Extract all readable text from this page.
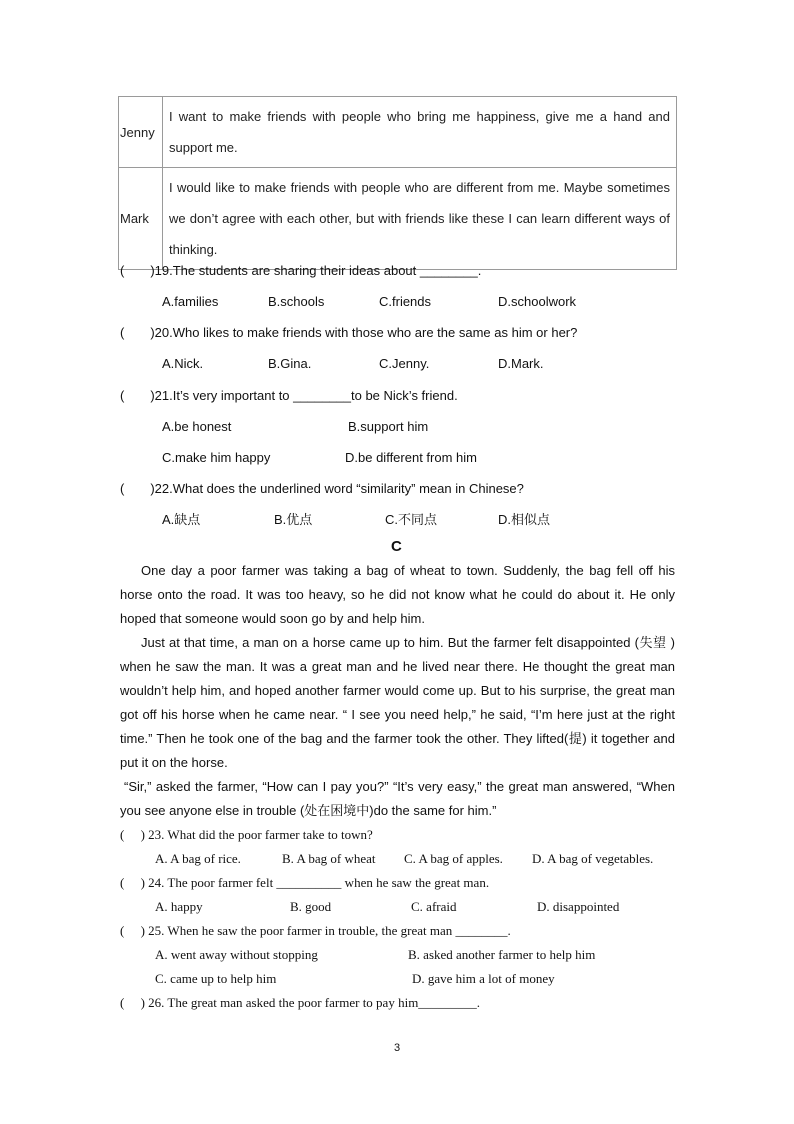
Jenny	I want to make friends with people who bring me happiness, give me a hand and support me.
Mark	I would like to make friends with people who are different from me. Maybe sometimes we don’t agree with each other, but with friends like these I can learn different ways of thinking.
(  )19.The students are sharing their ideas about ________.
A.families	B.schools	C.friends	D.schoolwork
(  )20.Who likes to make friends with those who are the same as him or her?
A.Nick.	B.Gina.	C.Jenny.	D.Mark.
(  )21.It’s very important to ________to be Nick’s friend.
A.be honest	B.support him
C.make him happy	D.be different from him
(  )22.What does the underlined word “similarity” mean in Chinese?
A.缺点	B.优点	C.不同点	D.相似点
C

One day a poor farmer was taking a bag of wheat to town. Suddenly, the bag fell off his horse onto the road. It was too heavy, so he did not know what he could do about it. He only hoped that someone would soon go by and help him.

Just at that time, a man on a horse came up to him. But the farmer felt disappointed (失望 ) when he saw the man. It was a great man and he lived near there. He thought the great man wouldn’t help him, and hoped another farmer would come up. But to his surprise, the great man got off his horse when he came near. “ I see you need help,” he said, “I’m here just at the right time.” Then he took one of the bag and the farmer took the other. They lifted(提) it together and put it on the horse.

“Sir,” asked the farmer, “How can I pay you?” “It’s very easy,” the great man answered, “When you see anyone else in trouble (处在困境中)do the same for him.”

(  ) 23. What did the poor farmer take to town?
A. A bag of rice.	B. A bag of wheat C. A bag of apples. D. A bag of vegetables.
(  ) 24. The poor farmer felt __________ when he saw the great man.
A. happy	B. good	C. afraid	D. disappointed
(  ) 25. When he saw the poor farmer in trouble, the great man ________.
A. went away without stopping	B. asked another farmer to help him
C. came up to help him	D. gave him a lot of money
(  ) 26. The great man asked the poor farmer to pay him_________.
3
